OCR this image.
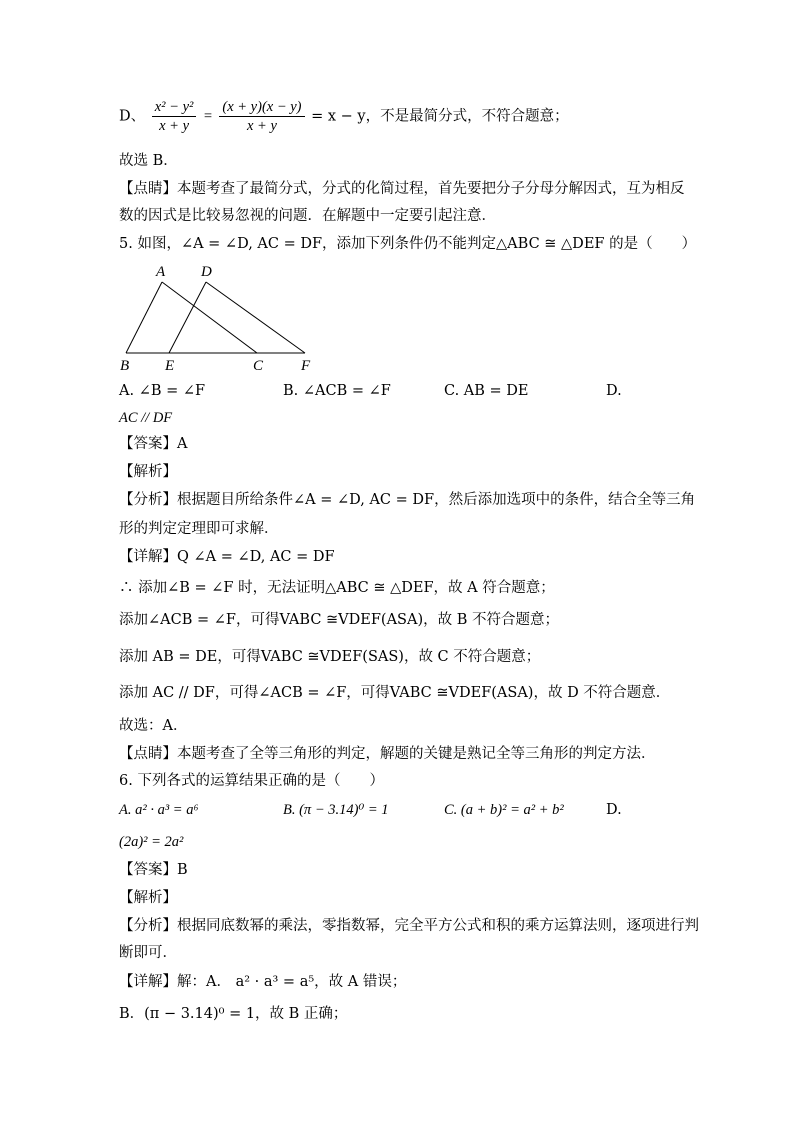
D、 $\frac{\text{x² − y²}}{x + y} = \frac{(x + y)(x - y)}{x + y} = x - y$，不是最简分式，不符合题意；
故选 B．
【点睛】本题考查了最简分式，分式的化简过程，首先要把分子分母分解因式，互为相反
数的因式是比较易忽视的问题．在解题中一定要引起注意．
5. 如图，∠A = ∠D, AC = DF，添加下列条件仍不能判定△ABC ≅ △DEF 的是（　　）
A D
B E	C	F
A. ∠B = ∠F	B. ∠ACB = ∠F	C. AB = DE	D.
AC // DF
【答案】A
【解析】
【分析】根据题目所给条件∠A = ∠D, AC = DF，然后添加选项中的条件，结合全等三角
形的判定定理即可求解．
【详解】Q ∠A = ∠D, AC = DF
∴ 添加∠B = ∠F 时，无法证明△ABC ≅ △DEF，故 A 符合题意；
添加∠ACB = ∠F，可得VABC ≅VDEF(ASA)，故 B 不符合题意；
添加 AB = DE，可得VABC ≅VDEF(SAS)，故 C 不符合题意；
添加 AC // DF，可得∠ACB = ∠F，可得VABC ≅VDEF(ASA)，故 D 不符合题意．
故选：A．
【点睛】本题考查了全等三角形的判定，解题的关键是熟记全等三角形的判定方法．
6. 下列各式的运算结果正确的是（　　）
A. a² · a³ = a⁶	B. (π − 3.14)⁰ = 1	C. (a + b)² = a² + b²	D.
(2a)² = 2a²
【答案】B
【解析】
【分析】根据同底数幂的乘法，零指数幂，完全平方公式和积的乘方运算法则，逐项进行判
断即可．
【详解】解：A． a² · a³ = a⁵，故 A 错误；
B．(π − 3.14)⁰ = 1，故 B 正确；
